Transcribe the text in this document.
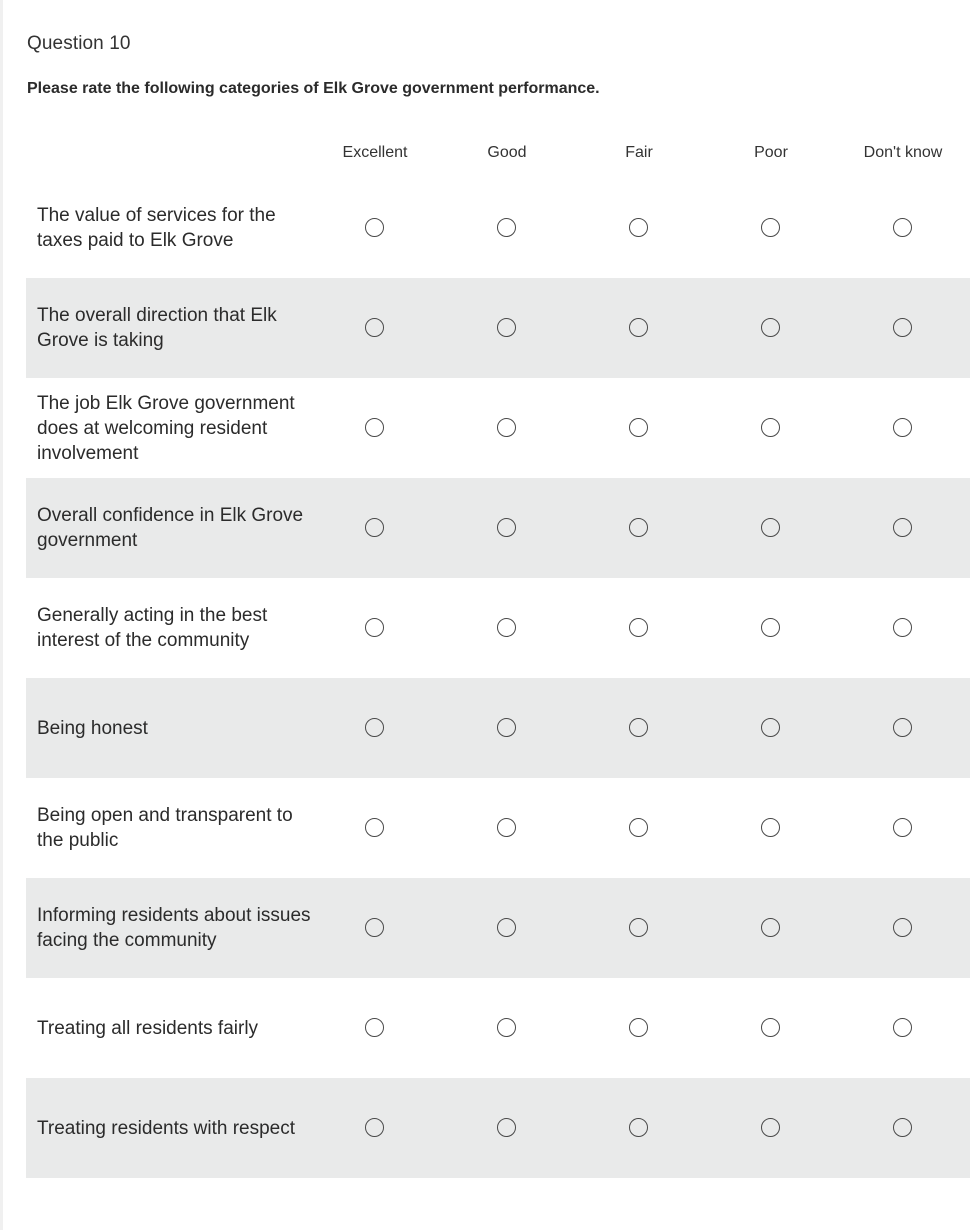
Question 10
Please rate the following categories of Elk Grove government performance.
Excellent	Good	Fair	Poor	Don't know
The value of services for the taxes paid to Elk Grove
The overall direction that Elk Grove is taking
The job Elk Grove government does at welcoming resident involvement
Overall confidence in Elk Grove government
Generally acting in the best interest of the community
Being honest
Being open and transparent to the public
Informing residents about issues facing the community
Treating all residents fairly
Treating residents with respect
